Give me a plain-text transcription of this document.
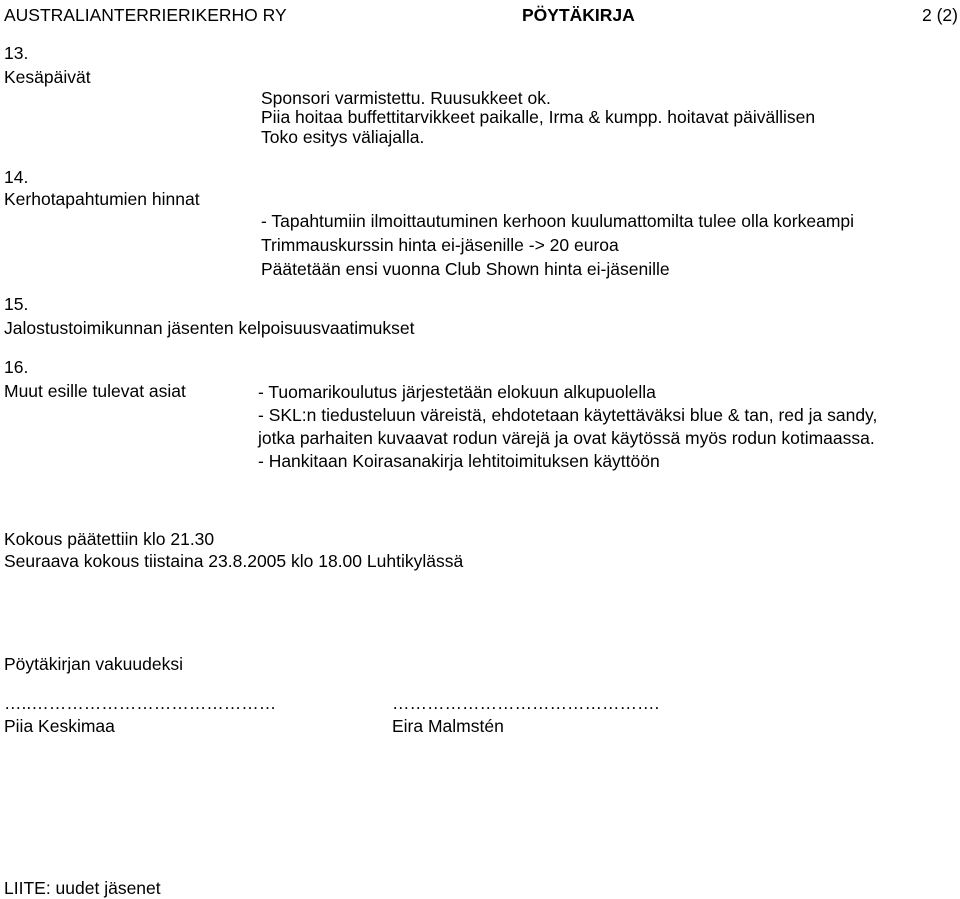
AUSTRALIANTERRIERIKERHO RY	PÖYTÄKIRJA	2 (2)
13.
Kesäpäivät
Sponsori varmistettu. Ruusukkeet ok.
Piia hoitaa buffettitarvikkeet paikalle, Irma & kumpp. hoitavat päivällisen
Toko esitys väliajalla.
14.
Kerhotapahtumien hinnat
- Tapahtumiin ilmoittautuminen kerhoon kuulumattomilta tulee olla korkeampi
Trimmauskurssin hinta ei-jäsenille -> 20 euroa
Päätetään ensi vuonna Club Shown hinta ei-jäsenille
15.
Jalostustoimikunnan jäsenten kelpoisuusvaatimukset
16.
Muut esille tulevat asiat	- Tuomarikoulutus järjestetään elokuun alkupuolella
- SKL:n tiedusteluun väreistä, ehdotetaan käytettäväksi blue & tan, red ja sandy,
jotka parhaiten kuvaavat rodun värejä ja ovat käytössä myös rodun kotimaassa.
- Hankitaan Koirasanakirja lehtitoimituksen käyttöön
Kokous päätettiin klo 21.30
Seuraava kokous tiistaina 23.8.2005 klo 18.00 Luhtikylässä
Pöytäkirjan vakuudeksi
…..……………………………………
Piia Keskimaa
……………………………………….
Eira Malmstén
LIITE: uudet jäsenet
